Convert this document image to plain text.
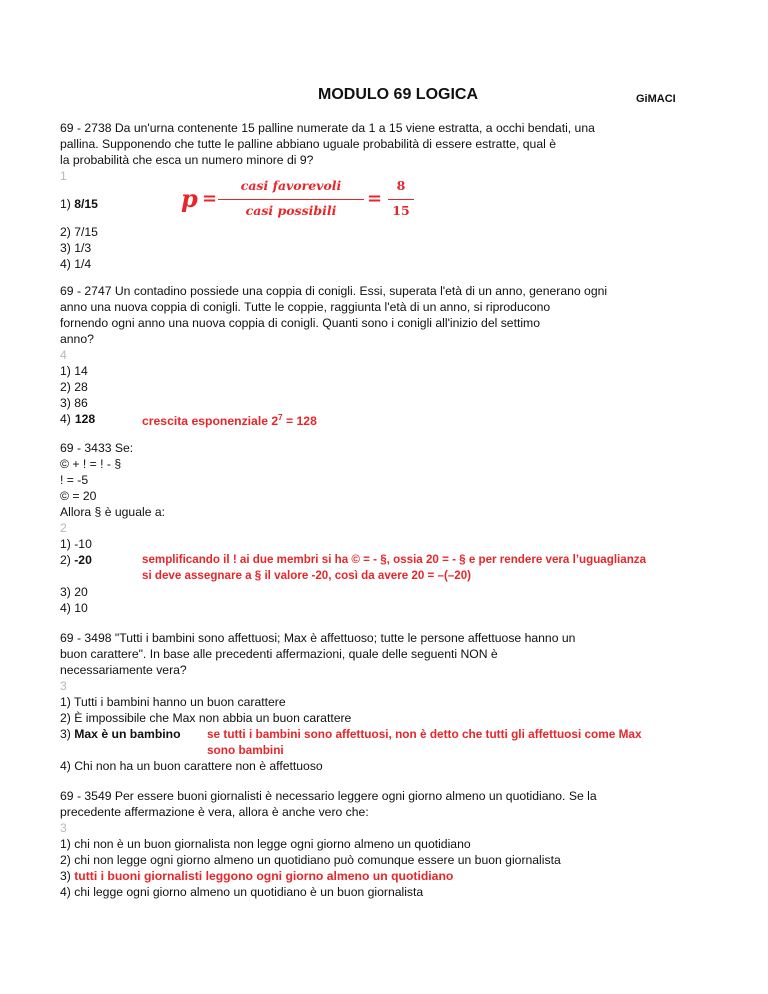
MODULO 69 LOGICA	GiMACI
69 - 2738 Da un'urna contenente 15 palline numerate da 1 a 15 viene estratta, a occhi bendati, una
pallina. Supponendo che tutte le palline abbiano uguale probabilità di essere estratte, qual è
la probabilità che esca un numero minore di 9?
1
1) 8/15	p =
casi favorevoli
casi possibili
=
8
15
2) 7/15
3) 1/3
4) 1/4
69 - 2747 Un contadino possiede una coppia di conigli. Essi, superata l'età di un anno, generano ogni
anno una nuova coppia di conigli. Tutte le coppie, raggiunta l'età di un anno, si riproducono
fornendo ogni anno una nuova coppia di conigli. Quanti sono i conigli all'inizio del settimo
anno?
4
1) 14
2) 28
3) 86
4) 128	crescita esponenziale $2^7 = 128$
69 - 3433 Se:
© + ! = ! - §
! = -5
© = 20
Allora § è uguale a:
2
1) -10
2) -20	semplificando il ! ai due membri si ha © = - §, ossia 20 = - § e per rendere vera l’uguaglianza
si deve assegnare a § il valore -20, così da avere 20 = –(–20)
3) 20
4) 10
69 - 3498 "Tutti i bambini sono affettuosi; Max è affettuoso; tutte le persone affettuose hanno un
buon carattere". In base alle precedenti affermazioni, quale delle seguenti NON è
necessariamente vera?
3
1) Tutti i bambini hanno un buon carattere
2) È impossibile che Max non abbia un buon carattere
3) Max è un bambino se tutti i bambini sono affettuosi, non è detto che tutti gli affettuosi come Max
sono bambini
4) Chi non ha un buon carattere non è affettuoso
69 - 3549 Per essere buoni giornalisti è necessario leggere ogni giorno almeno un quotidiano. Se la
precedente affermazione è vera, allora è anche vero che:
3
1) chi non è un buon giornalista non legge ogni giorno almeno un quotidiano
2) chi non legge ogni giorno almeno un quotidiano può comunque essere un buon giornalista
3) tutti i buoni giornalisti leggono ogni giorno almeno un quotidiano
4) chi legge ogni giorno almeno un quotidiano è un buon giornalista
